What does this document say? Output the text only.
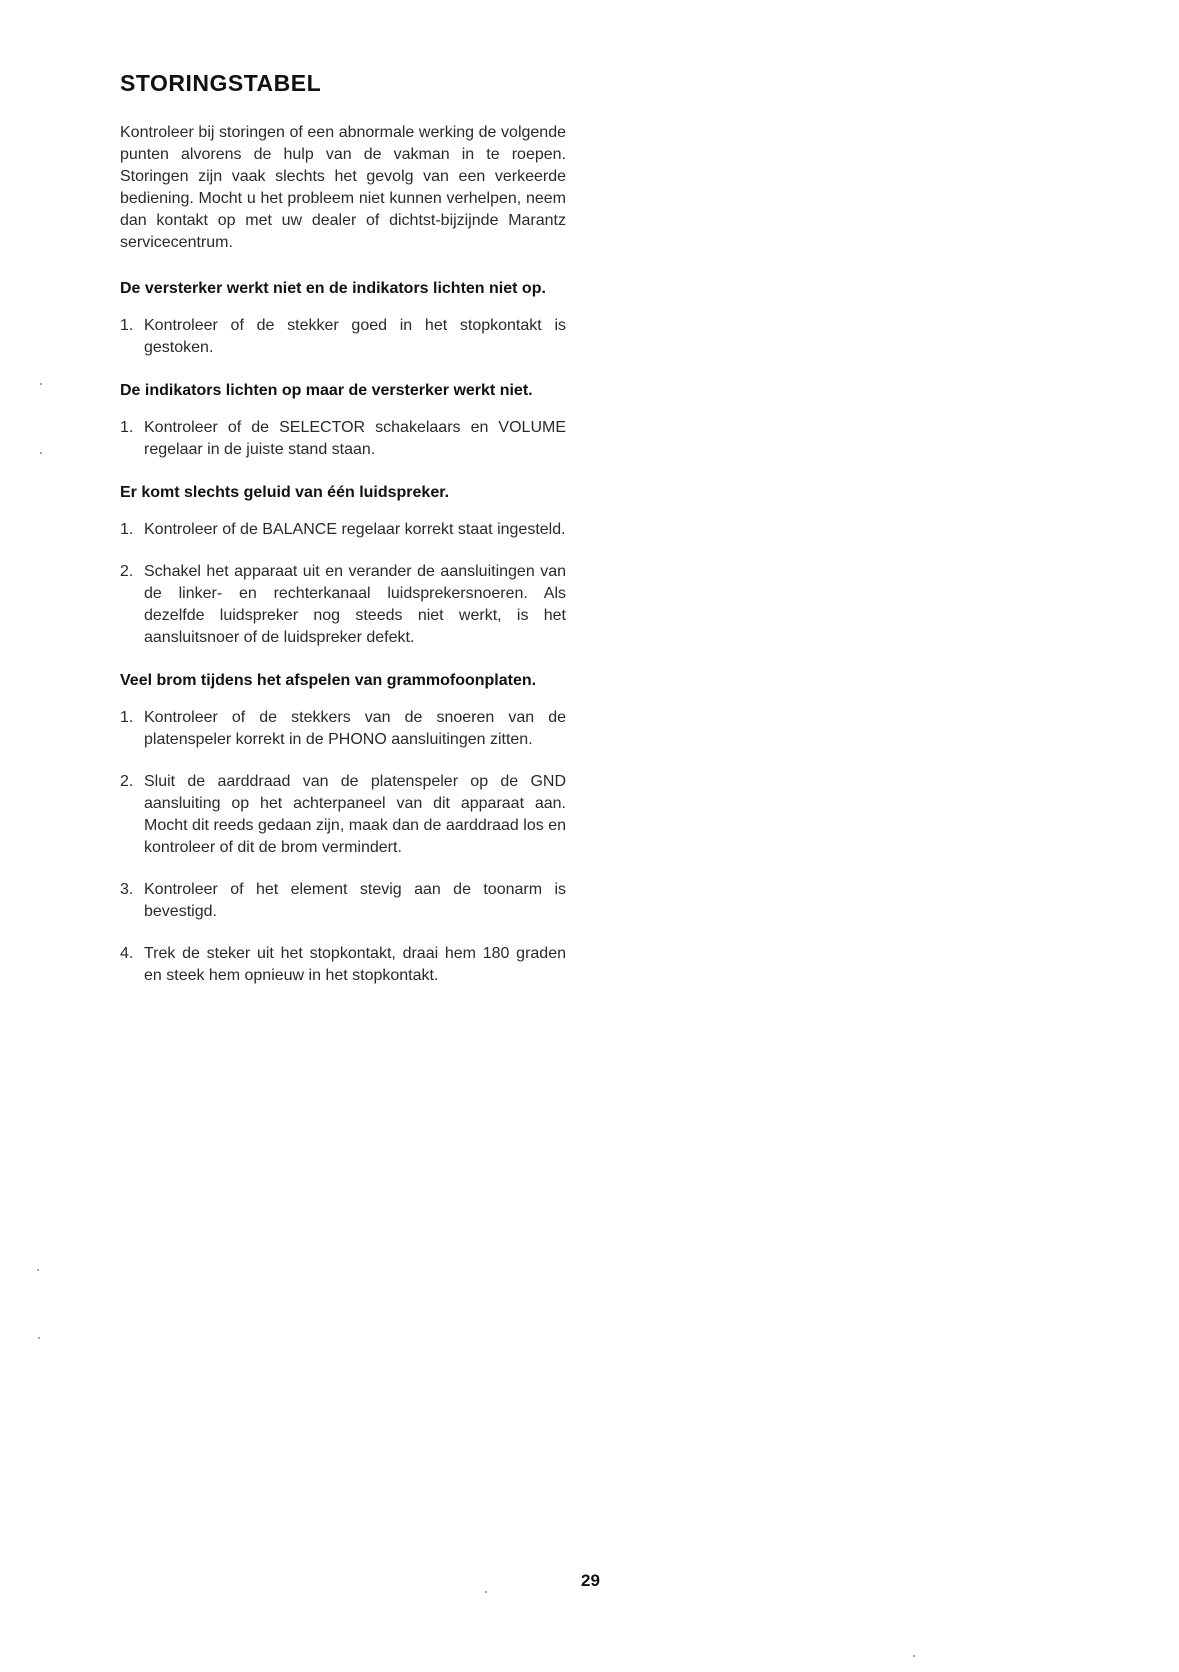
STORINGSTABEL

Kontroleer bij storingen of een abnormale werking de volgende punten alvorens de hulp van de vakman in te roepen. Storingen zijn vaak slechts het gevolg van een verkeerde bediening. Mocht u het probleem niet kunnen verhelpen, neem dan kontakt op met uw dealer of dichtst-bijzijnde Marantz servicecentrum.

De versterker werkt niet en de indikators lichten niet op.
1. Kontroleer of de stekker goed in het stopkontakt is gestoken.
De indikators lichten op maar de versterker werkt niet.
1. Kontroleer of de SELECTOR schakelaars en VOLUME regelaar in de juiste stand staan.
Er komt slechts geluid van één luidspreker.
1. Kontroleer of de BALANCE regelaar korrekt staat ingesteld.
2. Schakel het apparaat uit en verander de aansluitingen van de linker- en rechterkanaal luidsprekersnoeren. Als dezelfde luidspreker nog steeds niet werkt, is het aansluitsnoer of de luidspreker defekt.
Veel brom tijdens het afspelen van grammofoonplaten.
1. Kontroleer of de stekkers van de snoeren van de platenspeler korrekt in de PHONO aansluitingen zitten.
2. Sluit de aarddraad van de platenspeler op de GND aansluiting op het achterpaneel van dit apparaat aan. Mocht dit reeds gedaan zijn, maak dan de aarddraad los en kontroleer of dit de brom vermindert.
3. Kontroleer of het element stevig aan de toonarm is bevestigd.
4. Trek de steker uit het stopkontakt, draai hem 180 graden en steek hem opnieuw in het stopkontakt.
29
